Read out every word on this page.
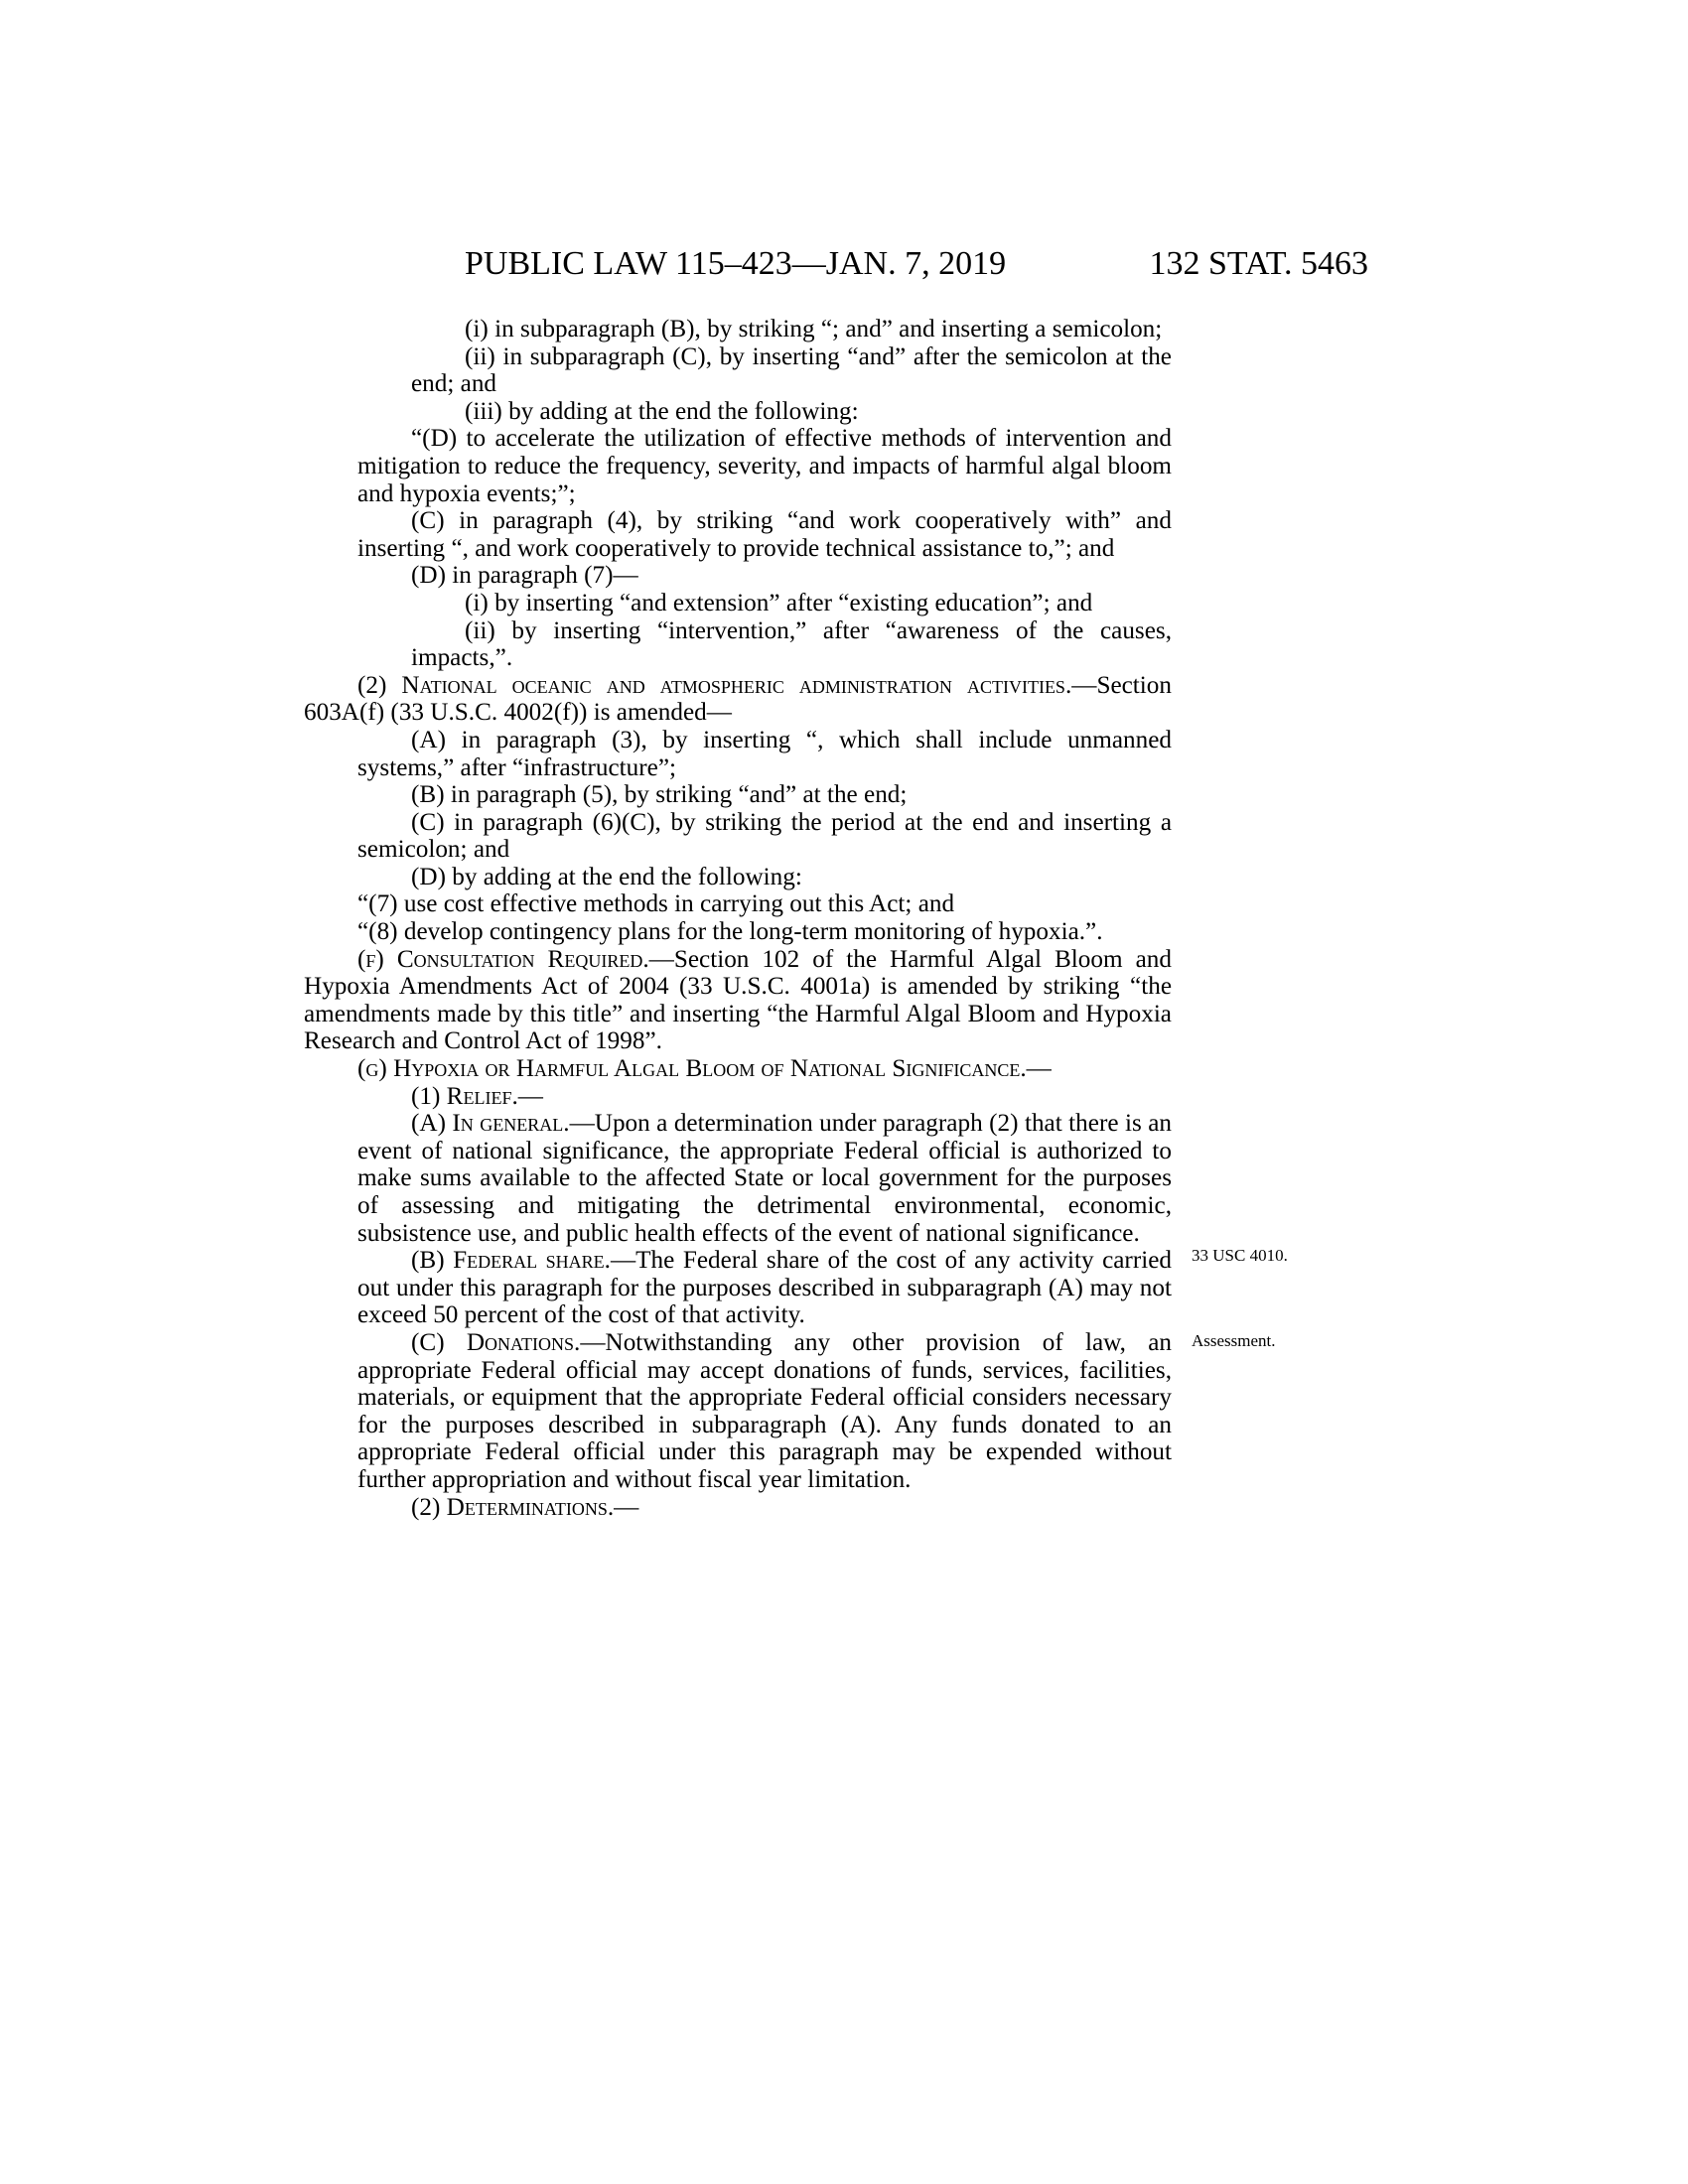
PUBLIC LAW 115–423—JAN. 7, 2019	132 STAT. 5463

(i) in subparagraph (B), by striking “; and” and inserting a semicolon;

(ii) in subparagraph (C), by inserting “and” after the semicolon at the end; and

(iii) by adding at the end the following:

“(D) to accelerate the utilization of effective methods of intervention and mitigation to reduce the frequency, severity, and impacts of harmful algal bloom and hypoxia events;”;

(C) in paragraph (4), by striking “and work cooperatively with” and inserting “, and work cooperatively to provide technical assistance to,”; and

(D) in paragraph (7)—

(i) by inserting “and extension” after “existing education”; and

(ii) by inserting “intervention,” after “awareness of the causes, impacts,”.

(2) National oceanic and atmospheric administration activities.—Section 603A(f) (33 U.S.C. 4002(f)) is amended—

(A) in paragraph (3), by inserting “, which shall include unmanned systems,” after “infrastructure”;

(B) in paragraph (5), by striking “and” at the end;

(C) in paragraph (6)(C), by striking the period at the end and inserting a semicolon; and

(D) by adding at the end the following:

“(7) use cost effective methods in carrying out this Act; and

“(8) develop contingency plans for the long-term monitoring of hypoxia.”.

(f) Consultation Required.—Section 102 of the Harmful Algal Bloom and Hypoxia Amendments Act of 2004 (33 U.S.C. 4001a) is amended by striking “the amendments made by this title” and inserting “the Harmful Algal Bloom and Hypoxia Research and Control Act of 1998”.

(g) Hypoxia or Harmful Algal Bloom of National Significance.—

(1) Relief.—

(A) In general.—Upon a determination under paragraph (2) that there is an event of national significance, the appropriate Federal official is authorized to make sums available to the affected State or local government for the purposes of assessing and mitigating the detrimental environmental, economic, subsistence use, and public health effects of the event of national significance.

(B) Federal share.—The Federal share of the cost of any activity carried out under this paragraph for the purposes described in subparagraph (A) may not exceed 50 percent of the cost of that activity.

(C) Donations.—Notwithstanding any other provision of law, an appropriate Federal official may accept donations of funds, services, facilities, materials, or equipment that the appropriate Federal official considers necessary for the purposes described in subparagraph (A). Any funds donated to an appropriate Federal official under this paragraph may be expended without further appropriation and without fiscal year limitation.

(2) Determinations.—

33 USC 4010.
Assessment.
